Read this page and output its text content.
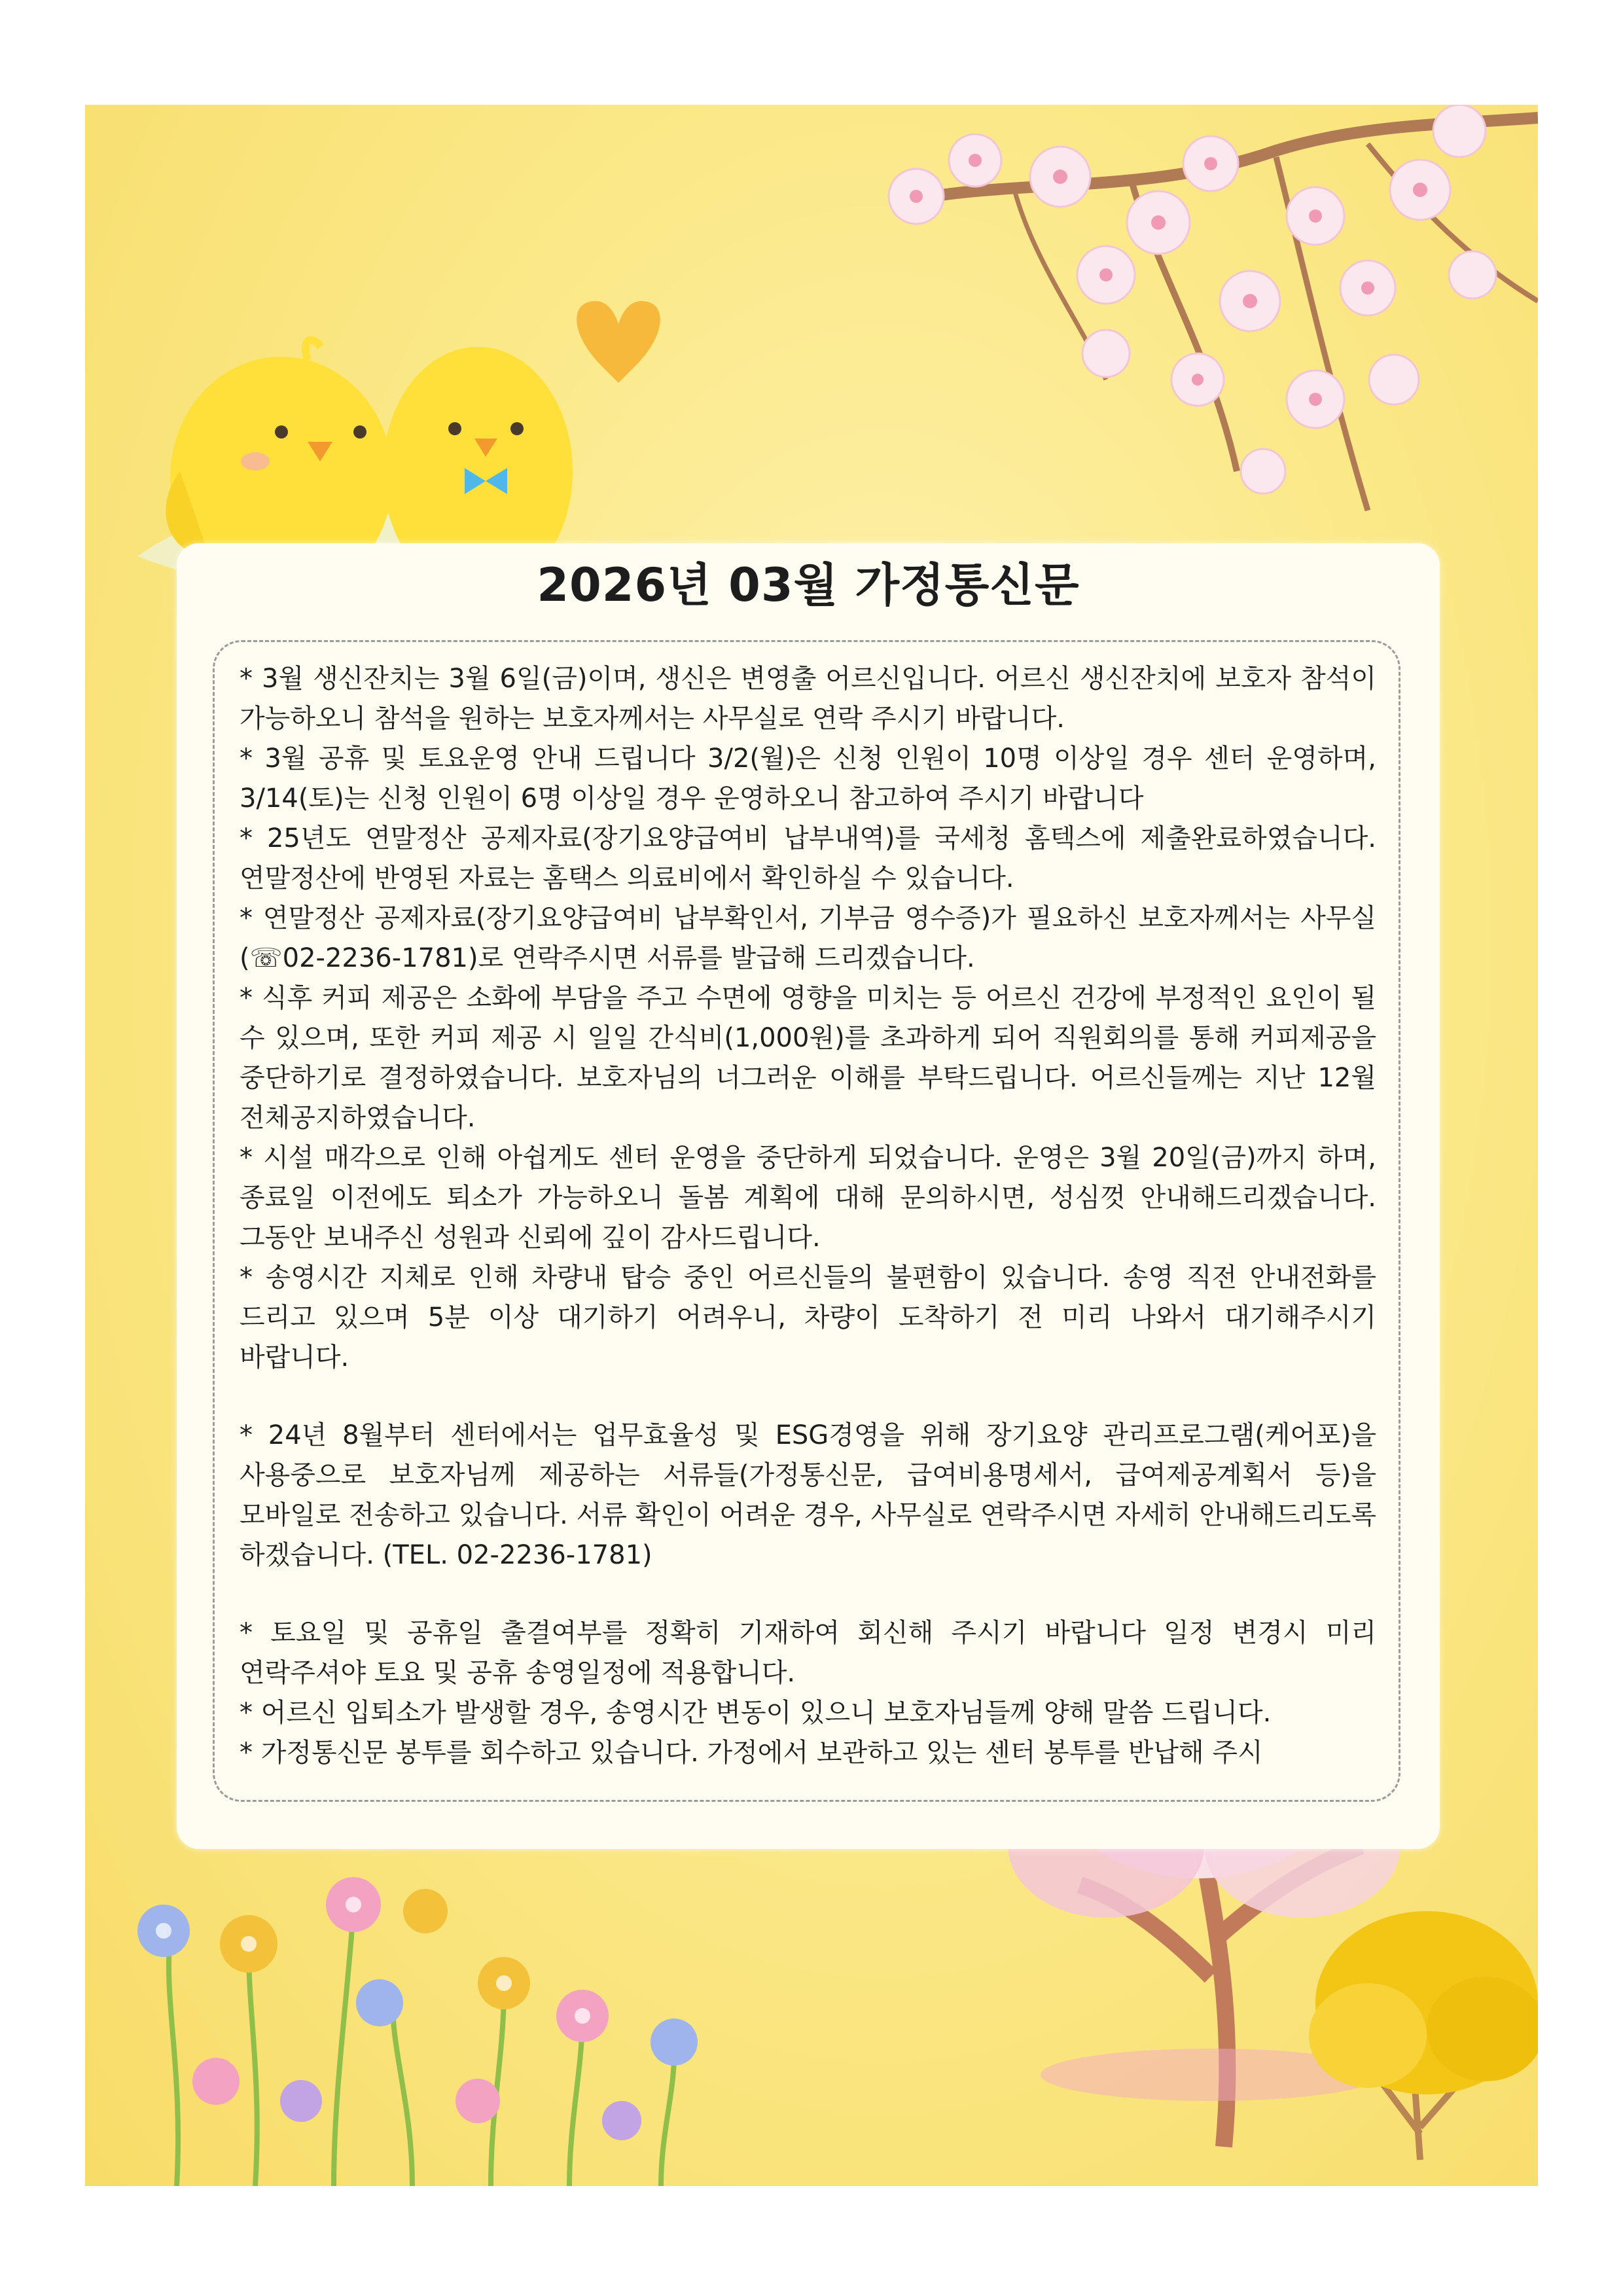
2026년 03월 가정통신문

* 3월 생신잔치는 3월 6일(금)이며, 생신은 변영출 어르신입니다. 어르신 생신잔치에 보호자 참석이 가능하오니 참석을 원하는 보호자께서는 사무실로 연락 주시기 바랍니다.

* 3월 공휴 및 토요운영 안내 드립니다 3/2(월)은 신청 인원이 10명 이상일 경우 센터 운영하며, 3/14(토)는 신청 인원이 6명 이상일 경우 운영하오니 참고하여 주시기 바랍니다

* 25년도 연말정산 공제자료(장기요양급여비 납부내역)를 국세청 홈텍스에 제출완료하였습니다. 연말정산에 반영된 자료는 홈택스 의료비에서 확인하실 수 있습니다.

* 연말정산 공제자료(장기요양급여비 납부확인서, 기부금 영수증)가 필요하신 보호자께서는 사무실(☏02-2236-1781)로 연락주시면 서류를 발급해 드리겠습니다.

* 식후 커피 제공은 소화에 부담을 주고 수면에 영향을 미치는 등 어르신 건강에 부정적인 요인이 될 수 있으며, 또한 커피 제공 시 일일 간식비(1,000원)를 초과하게 되어 직원회의를 통해 커피제공을 중단하기로 결정하였습니다. 보호자님의 너그러운 이해를 부탁드립니다. 어르신들께는 지난 12월 전체공지하였습니다.

* 시설 매각으로 인해 아쉽게도 센터 운영을 중단하게 되었습니다. 운영은 3월 20일(금)까지 하며, 종료일 이전에도 퇴소가 가능하오니 돌봄 계획에 대해 문의하시면, 성심껏 안내해드리겠습니다. 그동안 보내주신 성원과 신뢰에 깊이 감사드립니다.

* 송영시간 지체로 인해 차량내 탑승 중인 어르신들의 불편함이 있습니다. 송영 직전 안내전화를 드리고 있으며 5분 이상 대기하기 어려우니, 차량이 도착하기 전 미리 나와서 대기해주시기 바랍니다.

* 24년 8월부터 센터에서는 업무효율성 및 ESG경영을 위해 장기요양 관리프로그램(케어포)을 사용중으로 보호자님께 제공하는 서류들(가정통신문, 급여비용명세서, 급여제공계획서 등)을 모바일로 전송하고 있습니다. 서류 확인이 어려운 경우, 사무실로 연락주시면 자세히 안내해드리도록 하겠습니다. (TEL. 02-2236-1781)

* 토요일 및 공휴일 출결여부를 정확히 기재하여 회신해 주시기 바랍니다 일정 변경시 미리 연락주셔야 토요 및 공휴 송영일정에 적용합니다.

* 어르신 입퇴소가 발생할 경우, 송영시간 변동이 있으니 보호자님들께 양해 말씀 드립니다.

* 가정통신문 봉투를 회수하고 있습니다. 가정에서 보관하고 있는 센터 봉투를 반납해 주시
